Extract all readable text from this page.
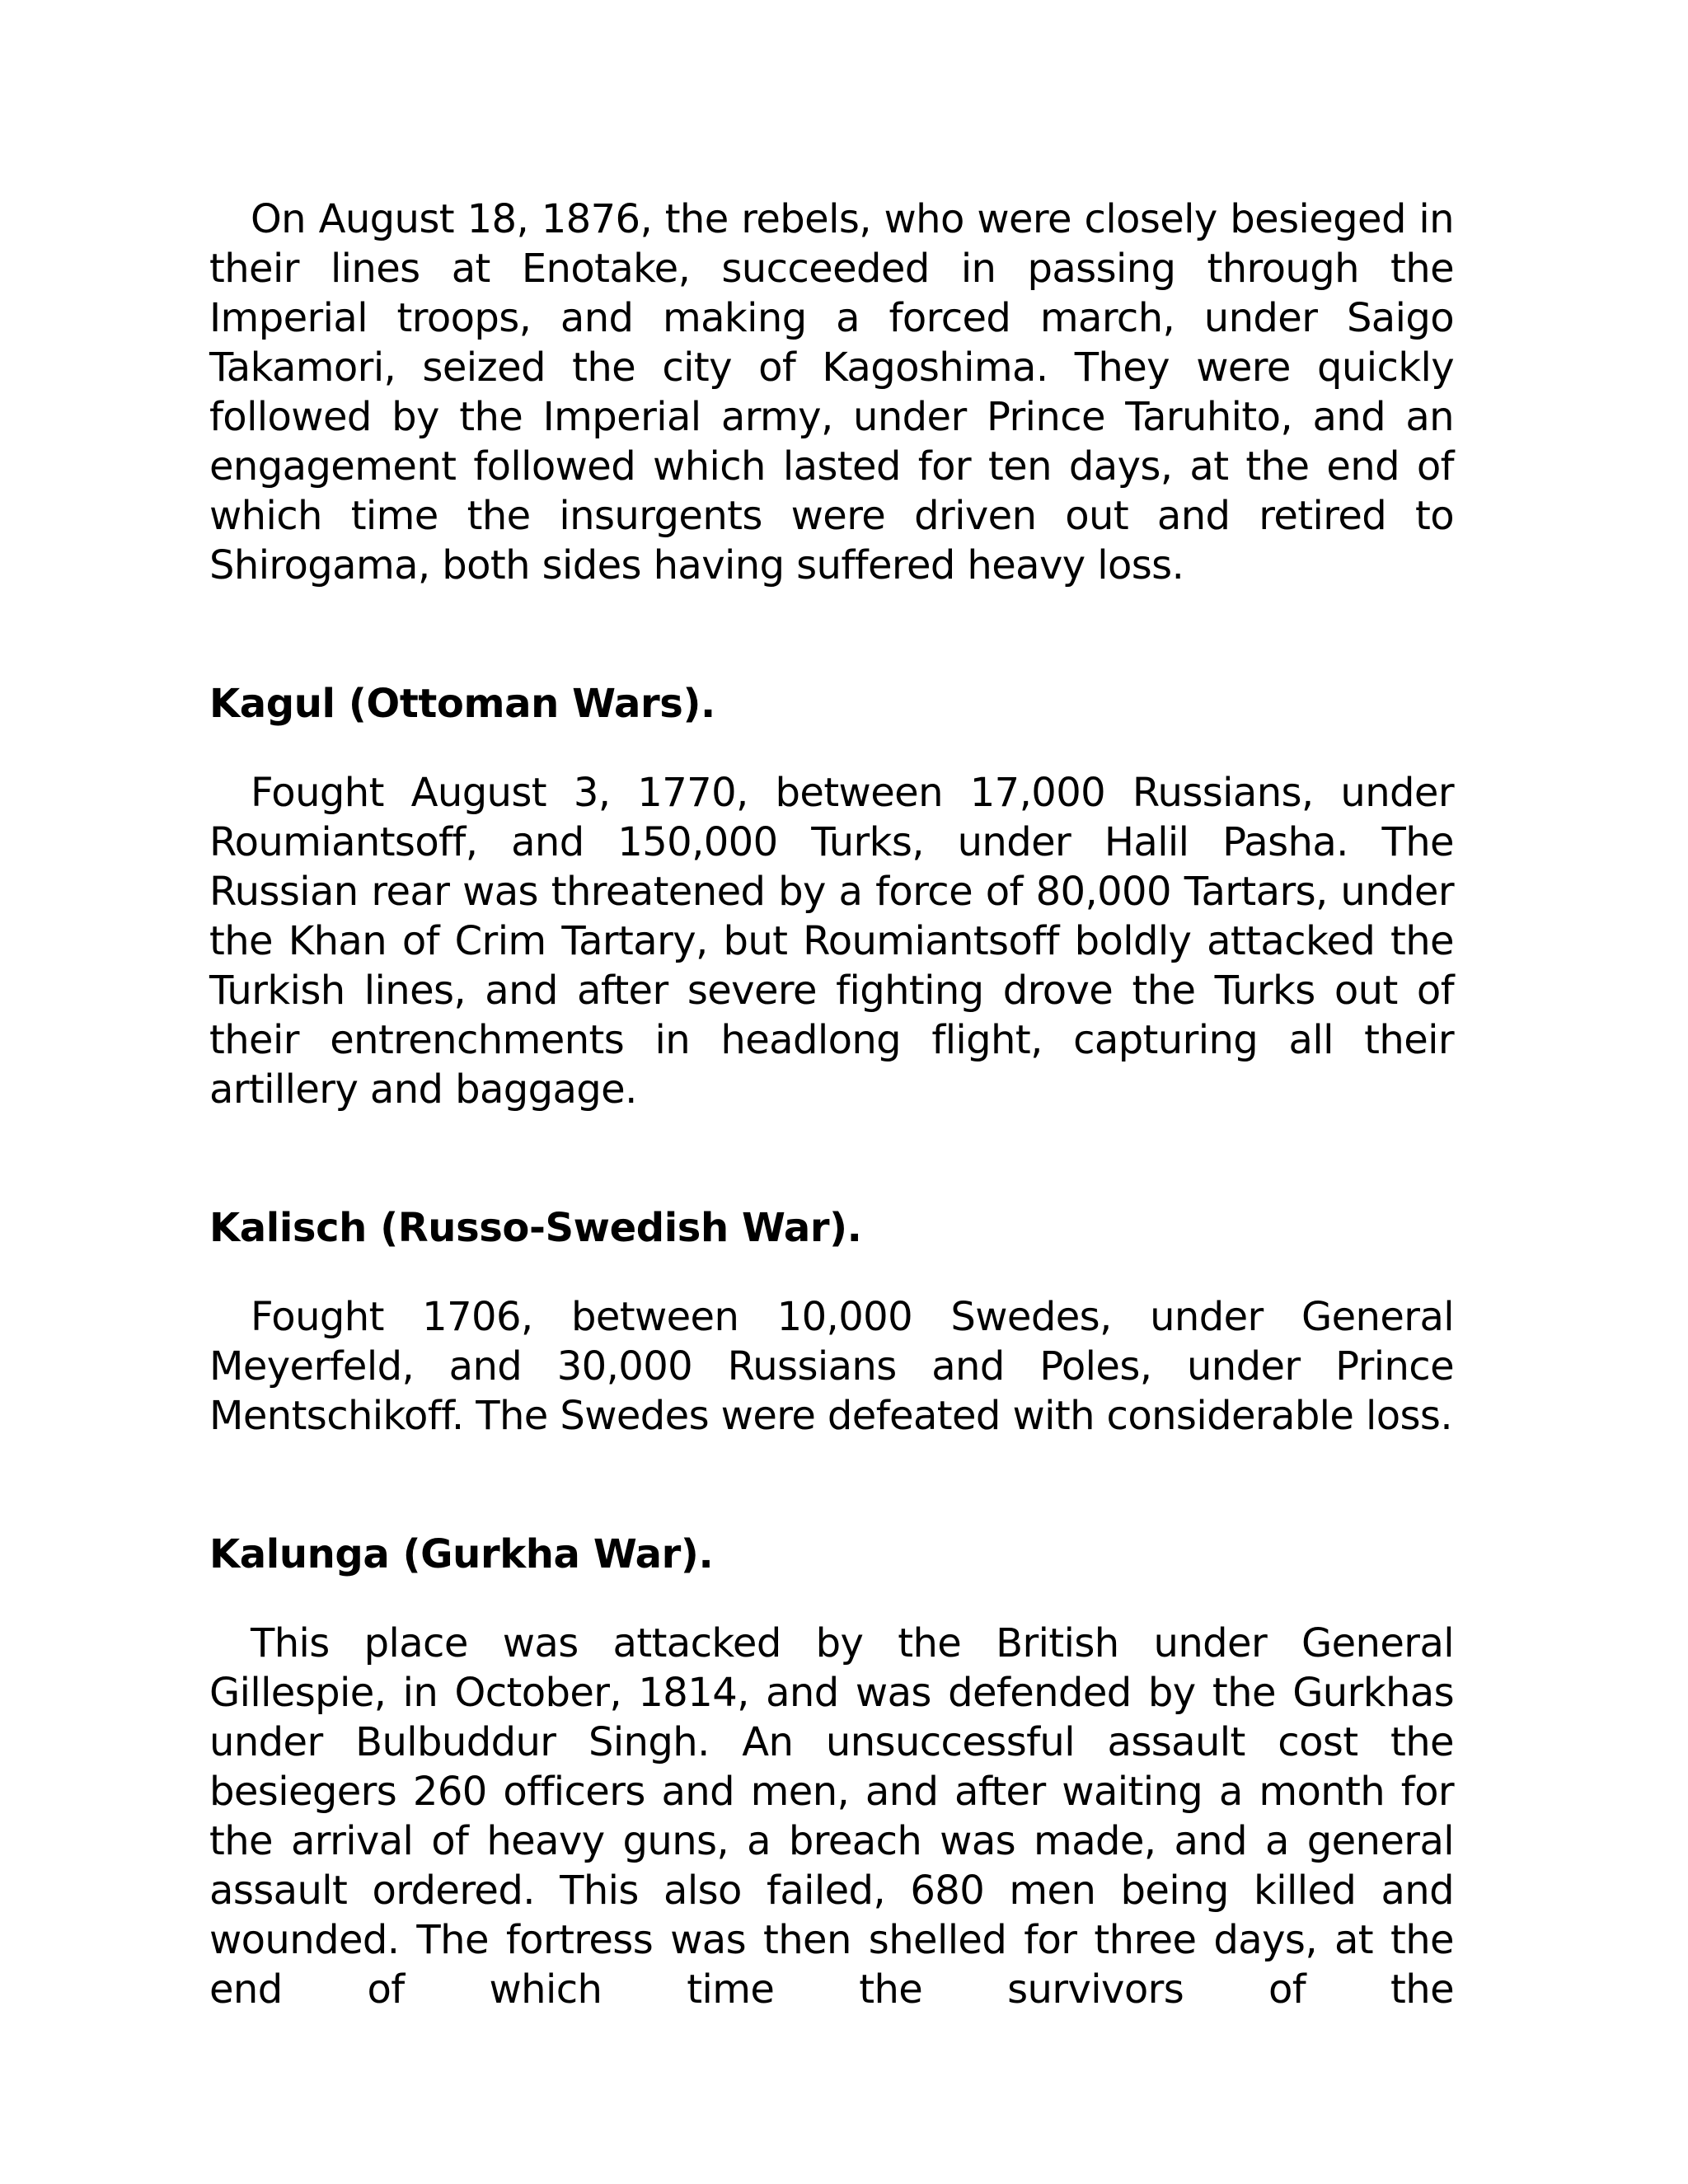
On August 18, 1876, the rebels, who were closely besieged in their lines at Enotake, succeeded in passing through the Imperial troops, and making a forced march, under Saigo Takamori, seized the city of Kagoshima. They were quickly followed by the Imperial army, under Prince Taruhito, and an engagement followed which lasted for ten days, at the end of which time the insurgents were driven out and retired to Shirogama, both sides having suffered heavy loss.

Kagul (Ottoman Wars).

Fought August 3, 1770, between 17,000 Russians, under Roumiantsoff, and 150,000 Turks, under Halil Pasha. The Russian rear was threatened by a force of 80,000 Tartars, under the Khan of Crim Tartary, but Roumiantsoff boldly attacked the Turkish lines, and after severe fighting drove the Turks out of their entrenchments in headlong flight, capturing all their artillery and baggage.

Kalisch (Russo-Swedish War).

Fought 1706, between 10,000 Swedes, under General Meyerfeld, and 30,000 Russians and Poles, under Prince Mentschikoff. The Swedes were defeated with considerable loss.

Kalunga (Gurkha War).

This place was attacked by the British under General Gillespie, in October, 1814, and was defended by the Gurkhas under Bulbuddur Singh. An unsuccessful assault cost the besiegers 260 officers and men, and after waiting a month for the arrival of heavy guns, a breach was made, and a general assault ordered. This also failed, 680 men being killed and wounded. The fortress was then shelled for three days, at the end of which time the survivors of the
